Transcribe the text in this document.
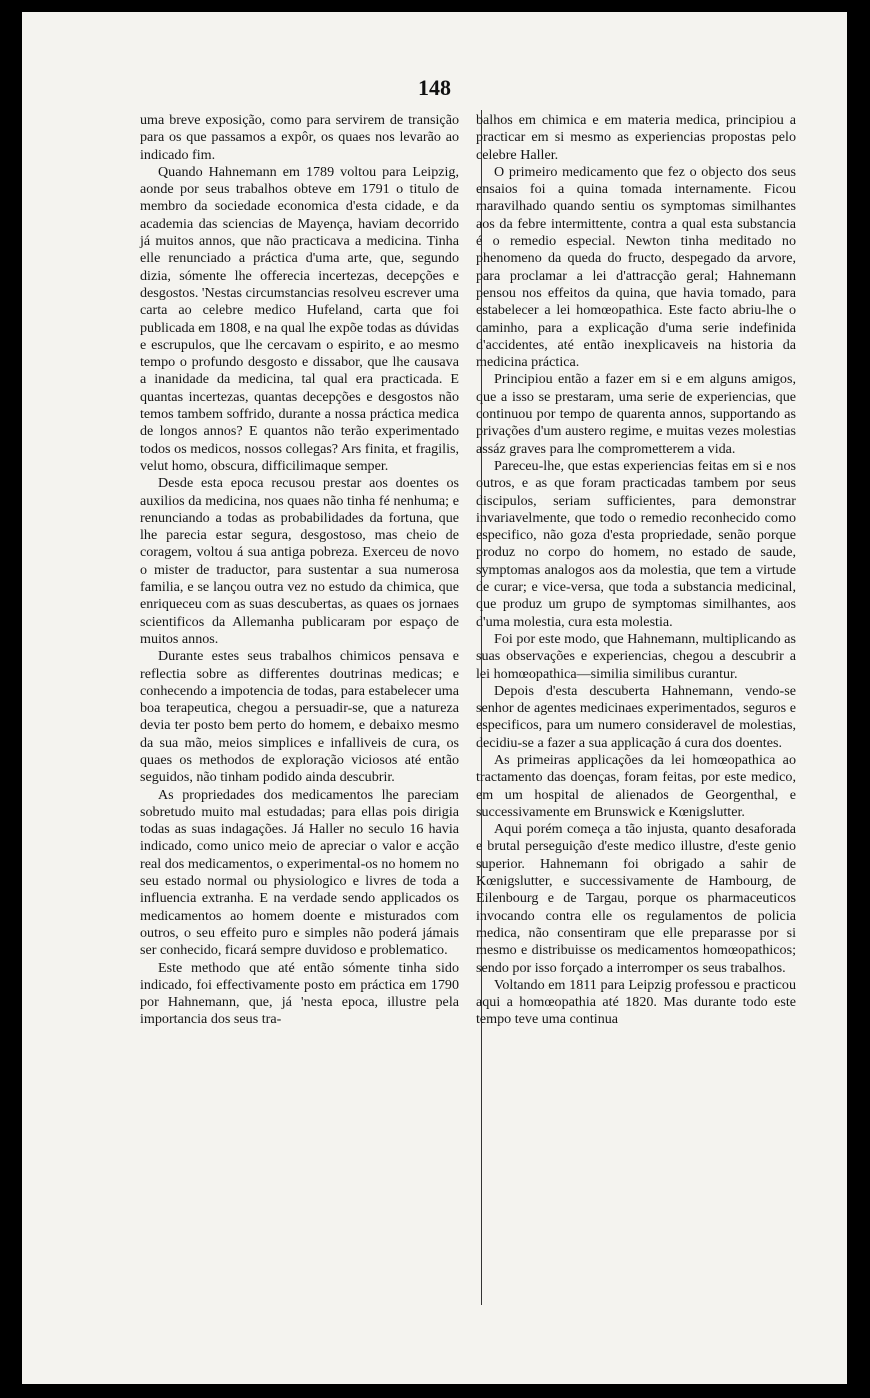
148

uma breve exposição, como para servirem de transição para os que passamos a expôr, os quaes nos levarão ao indicado fim.

Quando Hahnemann em 1789 voltou para Leipzig, aonde por seus trabalhos obteve em 1791 o titulo de membro da sociedade economica d'esta cidade, e da academia das sciencias de Mayença, haviam decorrido já muitos annos, que não practicava a medicina. Tinha elle renunciado a práctica d'uma arte, que, segundo dizia, sómente lhe offerecia incertezas, decepções e desgostos. 'Nestas circumstancias resolveu escrever uma carta ao celebre medico Hufeland, carta que foi publicada em 1808, e na qual lhe expõe todas as dúvidas e escrupulos, que lhe cercavam o espirito, e ao mesmo tempo o profundo desgosto e dissabor, que lhe causava a inanidade da medicina, tal qual era practicada. E quantas incertezas, quantas decepções e desgostos não temos tambem soffrido, durante a nossa práctica medica de longos annos? E quantos não terão experimentado todos os medicos, nossos collegas? Ars finita, et fragilis, velut homo, obscura, difficilimaque semper.

Desde esta epoca recusou prestar aos doentes os auxilios da medicina, nos quaes não tinha fé nenhuma; e renunciando a todas as probabilidades da fortuna, que lhe parecia estar segura, desgostoso, mas cheio de coragem, voltou á sua antiga pobreza. Exerceu de novo o mister de traductor, para sustentar a sua numerosa familia, e se lançou outra vez no estudo da chimica, que enriqueceu com as suas descubertas, as quaes os jornaes scientificos da Allemanha publicaram por espaço de muitos annos.

Durante estes seus trabalhos chimicos pensava e reflectia sobre as differentes doutrinas medicas; e conhecendo a impotencia de todas, para estabelecer uma boa terapeutica, chegou a persuadir-se, que a natureza devia ter posto bem perto do homem, e debaixo mesmo da sua mão, meios simplices e infalliveis de cura, os quaes os methodos de exploração viciosos até então seguidos, não tinham podido ainda descubrir.

As propriedades dos medicamentos lhe pareciam sobretudo muito mal estudadas; para ellas pois dirigia todas as suas indagações. Já Haller no seculo 16 havia indicado, como unico meio de apreciar o valor e acção real dos medicamentos, o experimental-os no homem no seu estado normal ou physiologico e livres de toda a influencia extranha. E na verdade sendo applicados os medicamentos ao homem doente e misturados com outros, o seu effeito puro e simples não poderá jámais ser conhecido, ficará sempre duvidoso e problematico.

Este methodo que até então sómente tinha sido indicado, foi effectivamente posto em práctica em 1790 por Hahnemann, que, já 'nesta epoca, illustre pela importancia dos seus tra-

balhos em chimica e em materia medica, principiou a practicar em si mesmo as experiencias propostas pelo celebre Haller.

O primeiro medicamento que fez o objecto dos seus ensaios foi a quina tomada internamente. Ficou maravilhado quando sentiu os symptomas similhantes aos da febre intermittente, contra a qual esta substancia é o remedio especial. Newton tinha meditado no phenomeno da queda do fructo, despegado da arvore, para proclamar a lei d'attracção geral; Hahnemann pensou nos effeitos da quina, que havia tomado, para estabelecer a lei homœopathica. Este facto abriu-lhe o caminho, para a explicação d'uma serie indefinida d'accidentes, até então inexplicaveis na historia da medicina práctica.

Principiou então a fazer em si e em alguns amigos, que a isso se prestaram, uma serie de experiencias, que continuou por tempo de quarenta annos, supportando as privações d'um austero regime, e muitas vezes molestias assáz graves para lhe comprometterem a vida.

Pareceu-lhe, que estas experiencias feitas em si e nos outros, e as que foram practicadas tambem por seus discipulos, seriam sufficientes, para demonstrar invariavelmente, que todo o remedio reconhecido como especifico, não goza d'esta propriedade, senão porque produz no corpo do homem, no estado de saude, symptomas analogos aos da molestia, que tem a virtude de curar; e vice-versa, que toda a substancia medicinal, que produz um grupo de symptomas similhantes, aos d'uma molestia, cura esta molestia.

Foi por este modo, que Hahnemann, multiplicando as suas observações e experiencias, chegou a descubrir a lei homœopathica—similia similibus curantur.

Depois d'esta descuberta Hahnemann, vendo-se senhor de agentes medicinaes experimentados, seguros e especificos, para um numero consideravel de molestias, decidiu-se a fazer a sua applicação á cura dos doentes.

As primeiras applicações da lei homœopathica ao tractamento das doenças, foram feitas, por este medico, em um hospital de alienados de Georgenthal, e successivamente em Brunswick e Kœnigslutter.

Aqui porém começa a tão injusta, quanto desaforada e brutal perseguição d'este medico illustre, d'este genio superior. Hahnemann foi obrigado a sahir de Kœnigslutter, e successivamente de Hambourg, de Eilenbourg e de Targau, porque os pharmaceuticos invocando contra elle os regulamentos de policia medica, não consentiram que elle preparasse por si mesmo e distribuisse os medicamentos homœopathicos; sendo por isso forçado a interromper os seus trabalhos.

Voltando em 1811 para Leipzig professou e practicou aqui a homœopathia até 1820. Mas durante todo este tempo teve uma continua
